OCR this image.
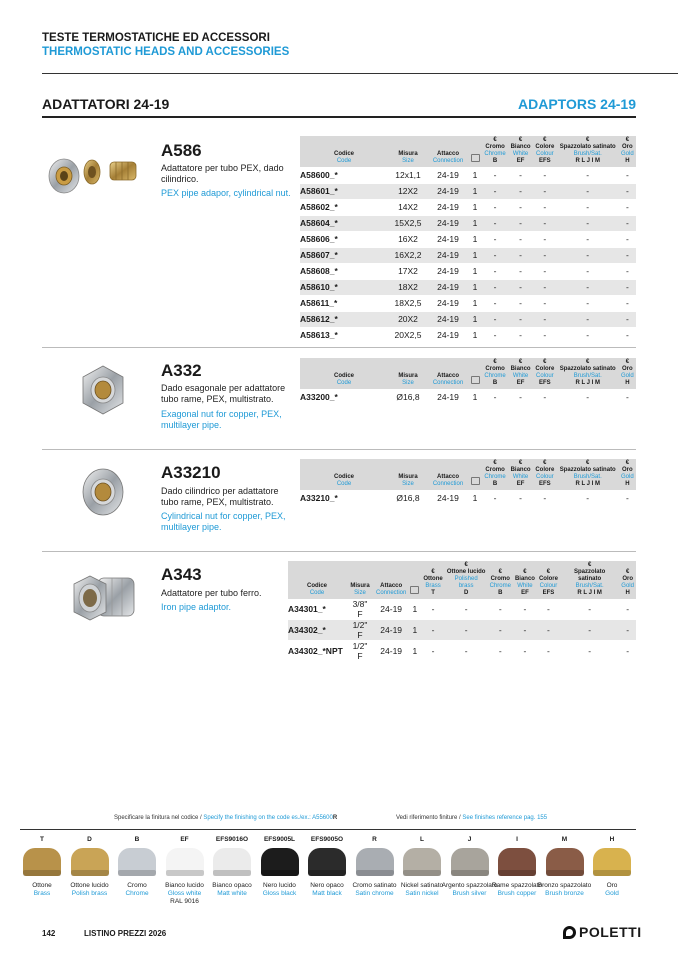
TESTE TERMOSTATICHE ED ACCESSORI
THERMOSTATIC HEADS AND ACCESSORIES
ADATTATORI 24-19	ADAPTORS 24-19
A586
Adattatore per tubo PEX, dado cilindrico.
PEX pipe adapor, cylindrical nut.
Codice
Code	Misura
Size	Attacco
Connection		€
Cromo
Chrome
B	€
Bianco
White
EF	€
Colore
Colour
EFS	€
Spazzolato satinato
Brush/Sat.
R L J I M	€
Oro
Gold
H
A58600_*	12x1,1	24-19	1	-	-	-	-	-
A58601_*	12X2	24-19	1	-	-	-	-	-
A58602_*	14X2	24-19	1	-	-	-	-	-
A58604_*	15X2,5	24-19	1	-	-	-	-	-
A58606_*	16X2	24-19	1	-	-	-	-	-
A58607_*	16X2,2	24-19	1	-	-	-	-	-
A58608_*	17X2	24-19	1	-	-	-	-	-
A58610_*	18X2	24-19	1	-	-	-	-	-
A58611_*	18X2,5	24-19	1	-	-	-	-	-
A58612_*	20X2	24-19	1	-	-	-	-	-
A58613_*	20X2,5	24-19	1	-	-	-	-	-
A332
Dado esagonale per adattatore tubo rame, PEX, multistrato.
Exagonal nut for copper, PEX, multilayer pipe.
Codice
Code	Misura
Size	Attacco
Connection		€
Cromo
Chrome
B	€
Bianco
White
EF	€
Colore
Colour
EFS	€
Spazzolato satinato
Brush/Sat.
R L J I M	€
Oro
Gold
H
A33200_*	Ø16,8	24-19	1	-	-	-	-	-
A33210
Dado cilindrico per adattatore tubo rame, PEX, multistrato.
Cylindrical nut for copper, PEX, multilayer pipe.
Codice
Code	Misura
Size	Attacco
Connection		€
Cromo
Chrome
B	€
Bianco
White
EF	€
Colore
Colour
EFS	€
Spazzolato satinato
Brush/Sat.
R L J I M	€
Oro
Gold
H
A33210_*	Ø16,8	24-19	1	-	-	-	-	-
A343
Adattatore per tubo ferro.
Iron pipe adaptor.
Codice
Code	Misura
Size	Attacco
Connection		€
Ottone
Brass
T	€
Ottone lucido
Polished brass
D	€
Cromo
Chrome
B	€
Bianco
White
EF	€
Colore
Colour
EFS	€
Spazzolato satinato
Brush/Sat.
R L J I M	€
Oro
Gold
H
A34301_*	3/8" F	24-19	1	-	-	-	-	-	-	-
A34302_*	1/2" F	24-19	1	-	-	-	-	-	-	-
A34302_*NPT	1/2" F	24-19	1	-	-	-	-	-	-	-
Specificare la finitura nel codice / Specify the finishing on the code es./ex.: A55600R	Vedi riferimento finiture / See finishes reference pag. 155
T
Ottone
Brass
D
Ottone lucido
Polish brass
B
Cromo
Chrome
EF
Bianco lucido
Gloss white
RAL 9016
EFS9016O
Bianco opaco
Matt white
EFS9005L
Nero lucido
Gloss black
EFS9005O
Nero opaco
Matt black
R
Cromo satinato
Satin chrome
L
Nickel satinato
Satin nickel
J
Argento spazzolato
Brush silver
I
Rame spazzolato
Brush copper
M
Bronzo spazzolato
Brush bronze
H
Oro
Gold
142	LISTINO PREZZI 2026	POLETTI
